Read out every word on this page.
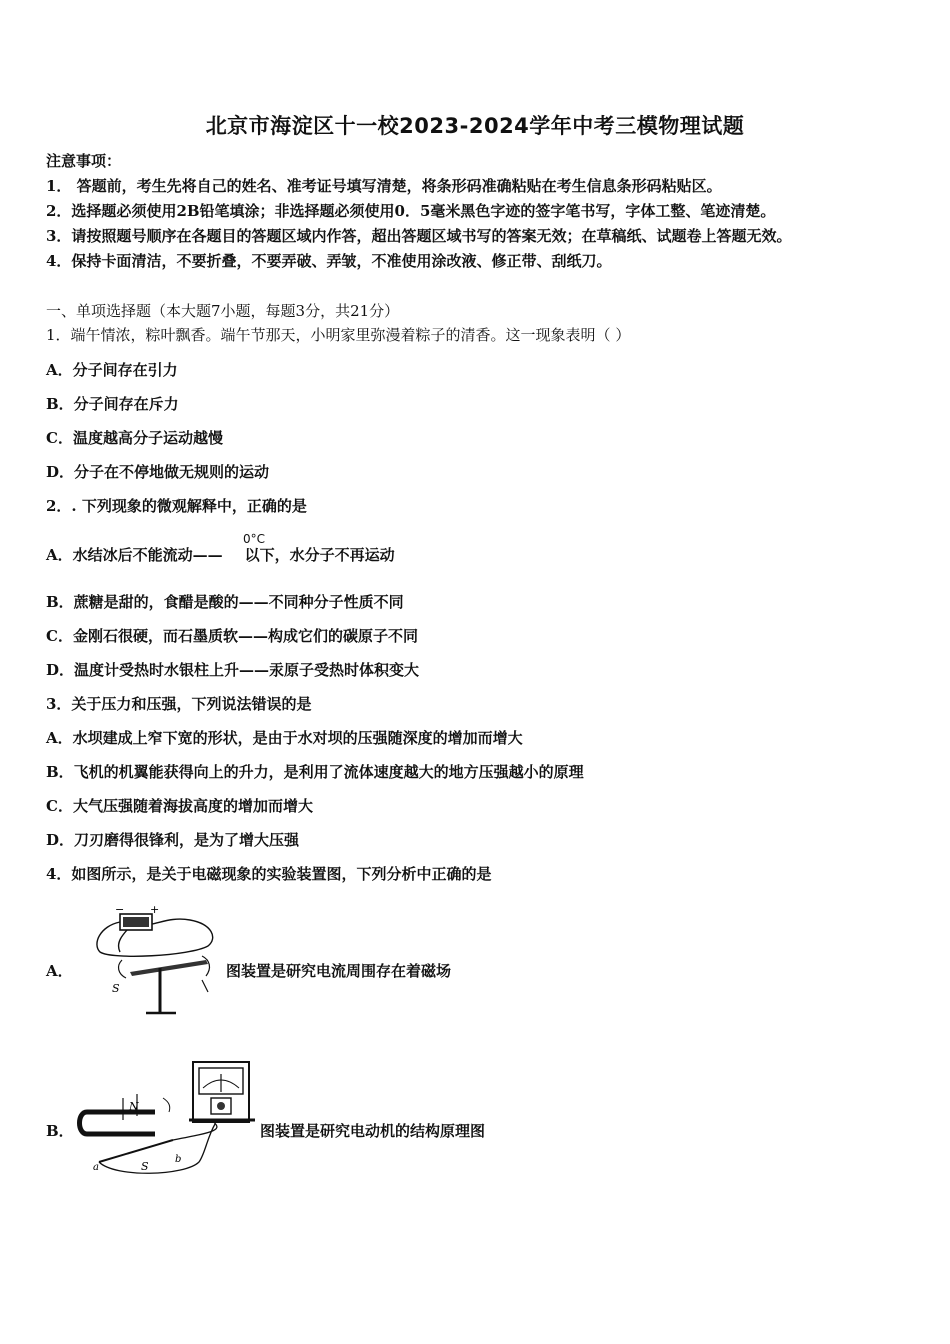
北京市海淀区十一校2023-2024学年中考三模物理试题
注意事项：
1． 答题前，考生先将自己的姓名、准考证号填写清楚，将条形码准确粘贴在考生信息条形码粘贴区。
2．选择题必须使用2B铅笔填涂；非选择题必须使用0．5毫米黑色字迹的签字笔书写，字体工整、笔迹清楚。
3．请按照题号顺序在各题目的答题区域内作答，超出答题区域书写的答案无效；在草稿纸、试题卷上答题无效。
4．保持卡面清洁，不要折叠，不要弄破、弄皱，不准使用涂改液、修正带、刮纸刀。
一、单项选择题（本大题7小题，每题3分，共21分）
1．端午情浓，粽叶飘香。端午节那天，小明家里弥漫着粽子的清香。这一现象表明（ ）
A．分子间存在引力
B．分子间存在斥力
C．温度越高分子运动越慢
D．分子在不停地做无规则的运动
2．. 下列现象的微观解释中，正确的是
A．水结冰后不能流动—— 以下，水分子不再运动
0°C
B．蔗糖是甜的，食醋是酸的——不同种分子性质不同
C．金刚石很硬，而石墨质软——构成它们的碳原子不同
D．温度计受热时水银柱上升——汞原子受热时体积变大
3．关于压力和压强，下列说法错误的是
A．水坝建成上窄下宽的形状，是由于水对坝的压强随深度的增加而增大
B．飞机的机翼能获得向上的升力，是利用了流体速度越大的地方压强越小的原理
C．大气压强随着海拔高度的增加而增大
D．刀刃磨得很锋利，是为了增大压强
4．如图所示，是关于电磁现象的实验装置图，下列分析中正确的是
A．
− +
S
图装置是研究电流周围存在着磁场
B．
N
S
a
b
图装置是研究电动机的结构原理图
